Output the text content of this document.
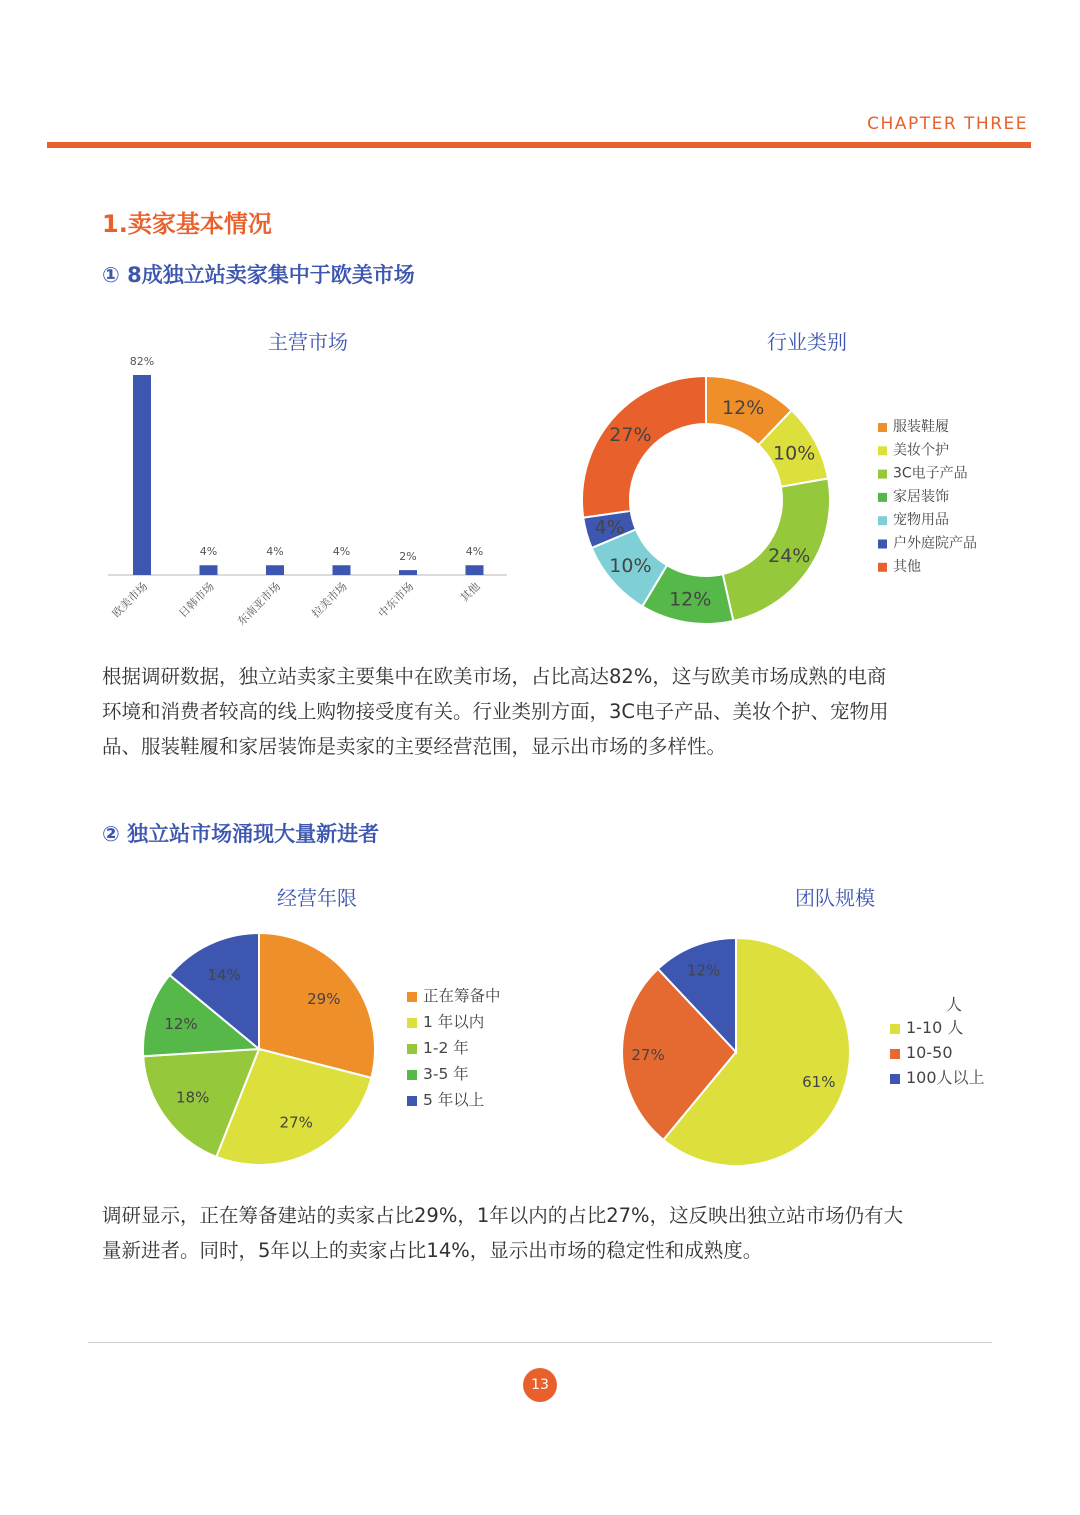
CHAPTER THREE
1.卖家基本情况
① 8成独立站卖家集中于欧美市场
主营市场
82%
欧美市场
4%
日韩市场
4%
东南亚市场
4%
拉美市场
2%
中东市场
4%
其他
行业类别
12%
10%
24%
12%
10%
4%
27%	服装鞋履
美妆个护
3C电子产品
家居装饰
宠物用品
户外庭院产品
其他

根据调研数据，独立站卖家主要集中在欧美市场，占比高达82%，这与欧美市场成熟的电商
环境和消费者较高的线上购物接受度有关。行业类别方面，3C电子产品、美妆个护、宠物用
品、服装鞋履和家居装饰是卖家的主要经营范围，显示出市场的多样性。

② 独立站市场涌现大量新进者
经营年限
29%
27%
18%
12%
14%
正在筹备中
1 年以内
1-2 年
3-5 年
5 年以上
团队规模
61%
27%
12%
1-10 人
10-50
100人以上
人

调研显示，正在筹备建站的卖家占比29%，1年以内的占比27%，这反映出独立站市场仍有大
量新进者。同时，5年以上的卖家占比14%，显示出市场的稳定性和成熟度。

13
